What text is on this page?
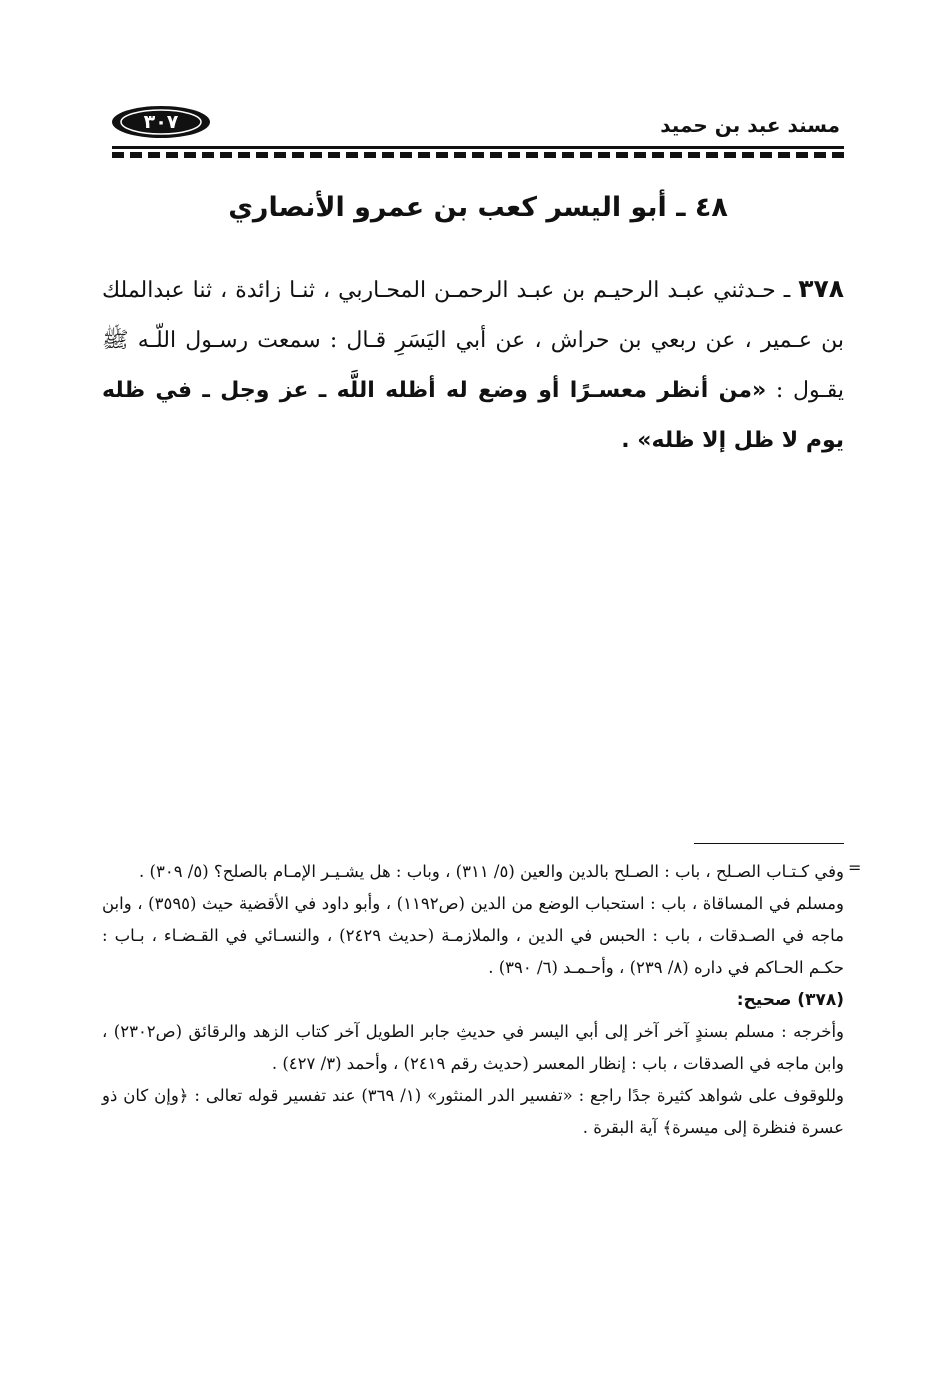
مسند عبد بن حميد
٣٠٧
٤٨ ـ أبو اليسر كعب بن عمرو الأنصاري
٣٧٨ ـ حـدثني عبـد الرحيـم بن عبـد الرحمـن المحـاربي ، ثنـا زائدة ، ثنا عبدالملك بن عـمير ، عن ربعي بن حراش ، عن أبي اليَسَرِ قـال : سمعت رسـول اللّـه ﷺ يقـول : «من أنظر معسـرًا أو وضع له أظله اللَّه ـ عز وجل ـ في ظله يوم لا ظل إلا ظله» .
=

وفي كـتـاب الصـلح ، باب : الصـلح بالدين والعين (٥/ ٣١١) ، وباب : هل يشـيـر الإمـام بالصلح؟ (٥/ ٣٠٩) .

ومسلم في المساقاة ، باب : استحباب الوضع من الدين (ص١١٩٢) ، وأبو داود في الأقضية حيث (٣٥٩٥) ، وابن ماجه في الصـدقات ، باب : الحبس في الدين ، والملازمـة (حديث ٢٤٢٩) ، والنسـائي في القـضـاء ، بـاب : حكـم الحـاكم في داره (٨/ ٢٣٩) ، وأحـمـد (٦/ ٣٩٠) .

(٣٧٨) صحيح:

وأخرجه : مسلم بسندٍ آخر آخر إلى أبي اليسر في حديثِ جابر الطويل آخر كتاب الزهد والرقائق (ص٢٣٠٢) ، وابن ماجه في الصدقات ، باب : إنظار المعسر (حديث رقم ٢٤١٩) ، وأحمد (٣/ ٤٢٧) .

وللوقوف على شواهد كثيرة جدًا راجع : «تفسير الدر المنثور» (١/ ٣٦٩) عند تفسير قوله تعالى : ﴿وإن كان ذو عسرة فنظرة إلى ميسرة﴾ آية البقرة .
